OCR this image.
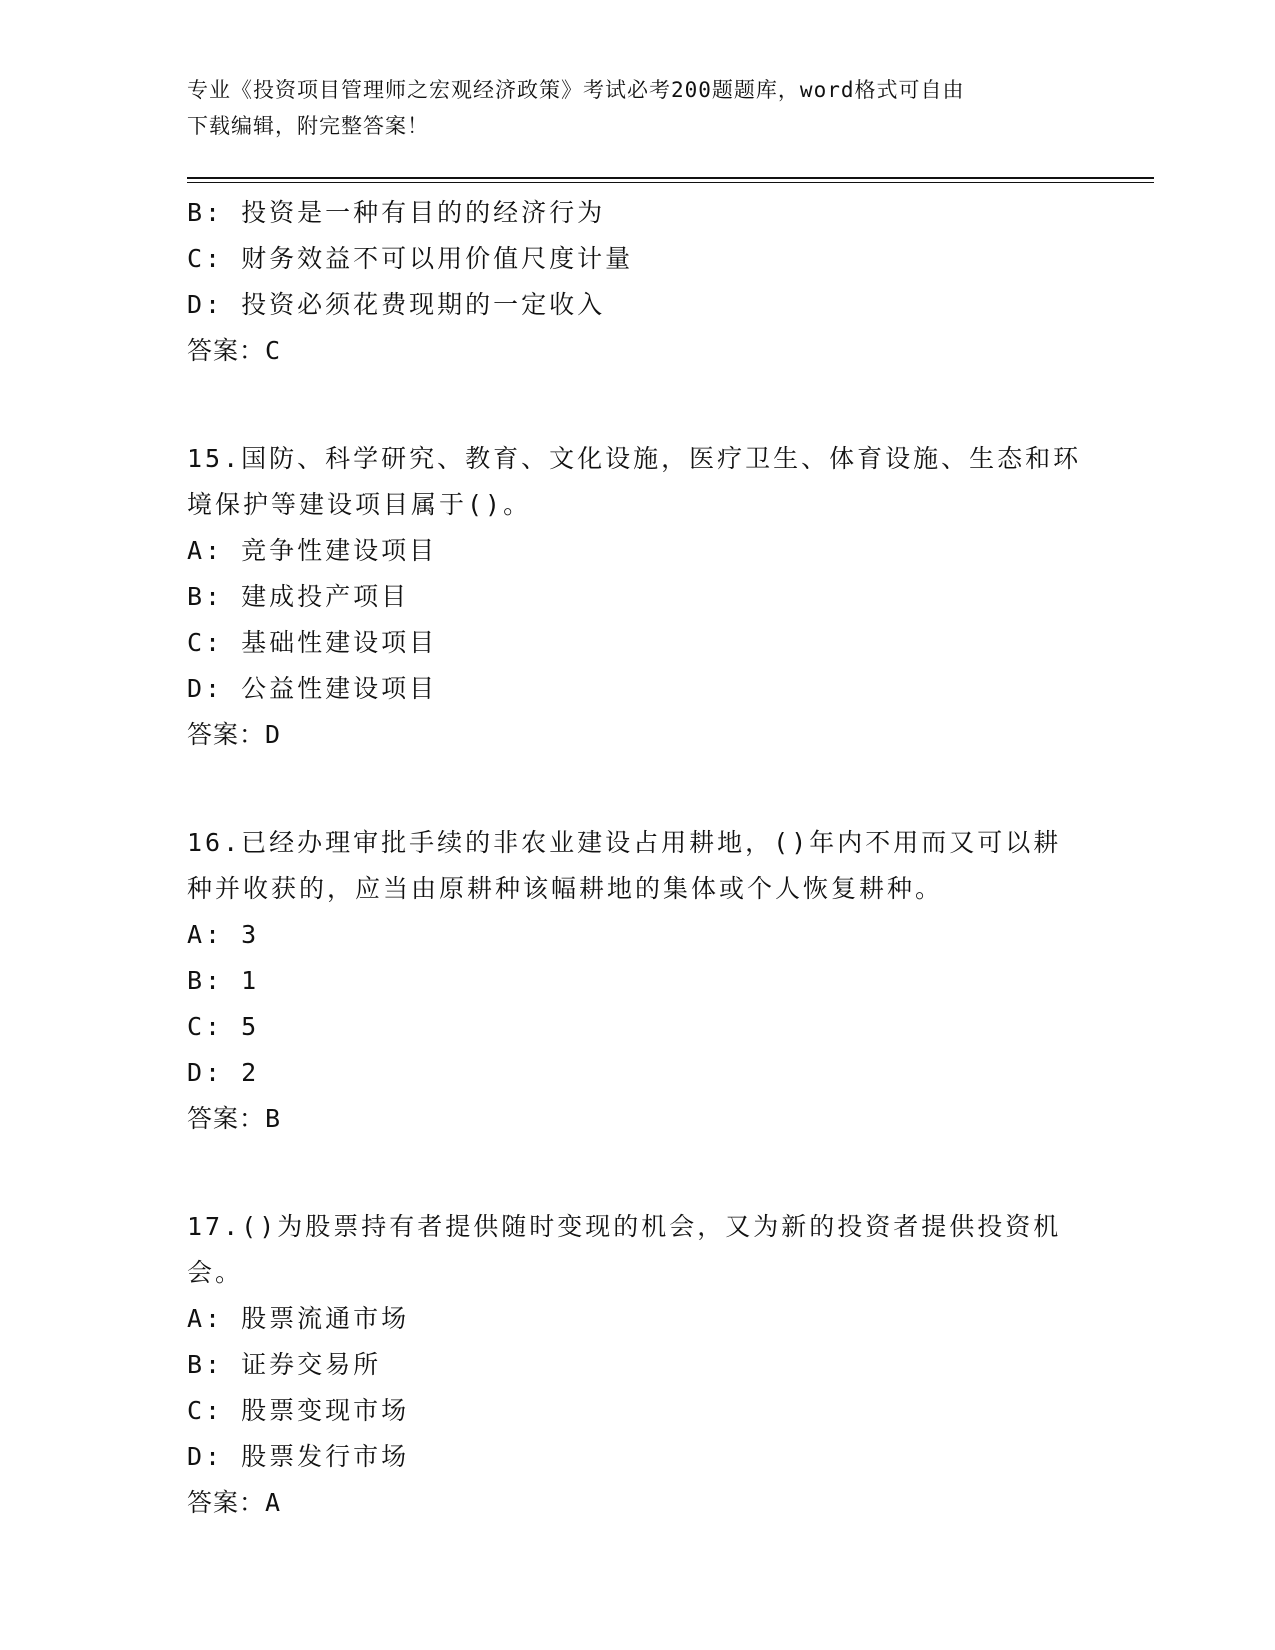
专业《投资项目管理师之宏观经济政策》考试必考200题题库，word格式可自由
下载编辑，附完整答案！
B: 投资是一种有目的的经济行为
C: 财务效益不可以用价值尺度计量
D: 投资必须花费现期的一定收入
答案：C
15.国防、科学研究、教育、文化设施，医疗卫生、体育设施、生态和环境保护等建设项目属于()。
A: 竞争性建设项目
B: 建成投产项目
C: 基础性建设项目
D: 公益性建设项目
答案：D
16.已经办理审批手续的非农业建设占用耕地，()年内不用而又可以耕种并收获的，应当由原耕种该幅耕地的集体或个人恢复耕种。
A: 3
B: 1
C: 5
D: 2
答案：B
17.()为股票持有者提供随时变现的机会，又为新的投资者提供投资机会。
A: 股票流通市场
B: 证券交易所
C: 股票变现市场
D: 股票发行市场
答案：A
